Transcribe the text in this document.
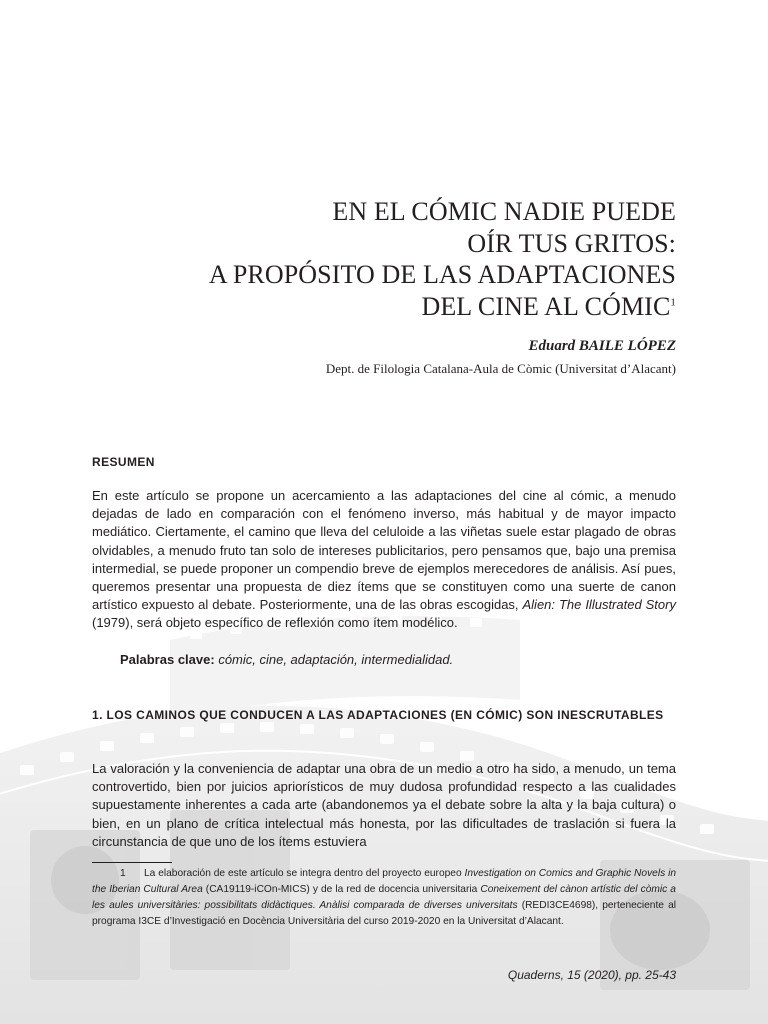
EN EL CÓMIC NADIE PUEDE
OÍR TUS GRITOS:
A PROPÓSITO DE LAS ADAPTACIONES
DEL CINE AL CÓMIC$^1$
Eduard BAILE LÓPEZ
Dept. de Filologia Catalana-Aula de Còmic (Universitat d’Alacant)
RESUMEN
En este artículo se propone un acercamiento a las adaptaciones del cine al cómic, a menudo dejadas de lado en comparación con el fenómeno inverso, más habitual y de mayor impacto mediático. Ciertamente, el camino que lleva del celuloide a las viñetas suele estar plagado de obras olvidables, a menudo fruto tan solo de intereses publicitarios, pero pensamos que, bajo una premisa intermedial, se puede proponer un compendio breve de ejemplos merecedores de análisis. Así pues, queremos presentar una propuesta de diez ítems que se constituyen como una suerte de canon artístico expuesto al debate. Posteriormente, una de las obras escogidas, Alien: The Illustrated Story (1979), será objeto específico de reflexión como ítem modélico.
Palabras clave: cómic, cine, adaptación, intermedialidad.
1. LOS CAMINOS QUE CONDUCEN A LAS ADAPTACIONES (EN CÓMIC) SON INESCRUTABLES
La valoración y la conveniencia de adaptar una obra de un medio a otro ha sido, a menudo, un tema controvertido, bien por juicios apriorísticos de muy dudosa profundidad respecto a las cualidades supuestamente inherentes a cada arte (abandonemos ya el debate sobre la alta y la baja cultura) o bien, en un plano de crítica intelectual más honesta, por las dificultades de traslación si fuera la circunstancia de que uno de los ítems estuviera
1 La elaboración de este artículo se integra dentro del proyecto europeo Investigation on Comics and Graphic Novels in the Iberian Cultural Area (CA19119-iCOn-MICS) y de la red de docencia universitaria Coneixement del cànon artístic del còmic a les aules universitàries: possibilitats didàctiques. Anàlisi comparada de diverses universitats (REDI3CE4698), perteneciente al programa I3CE d’Investigació en Docència Universitària del curso 2019-2020 en la Universitat d’Alacant.
Quaderns, 15 (2020), pp. 25-43
